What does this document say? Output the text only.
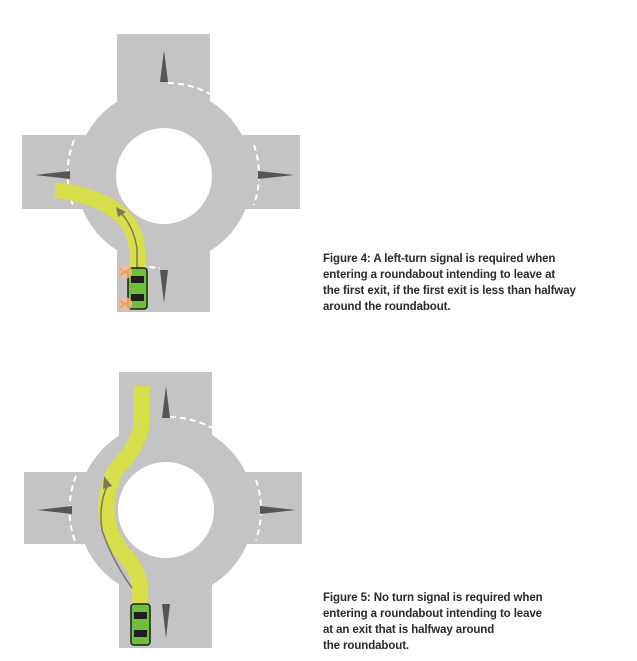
Figure 4: A left-turn signal is required when
entering a roundabout intending to leave at
the first exit, if the first exit is less than halfway
around the roundabout.
Figure 5: No turn signal is required when
entering a roundabout intending to leave
at an exit that is halfway around
the roundabout.
